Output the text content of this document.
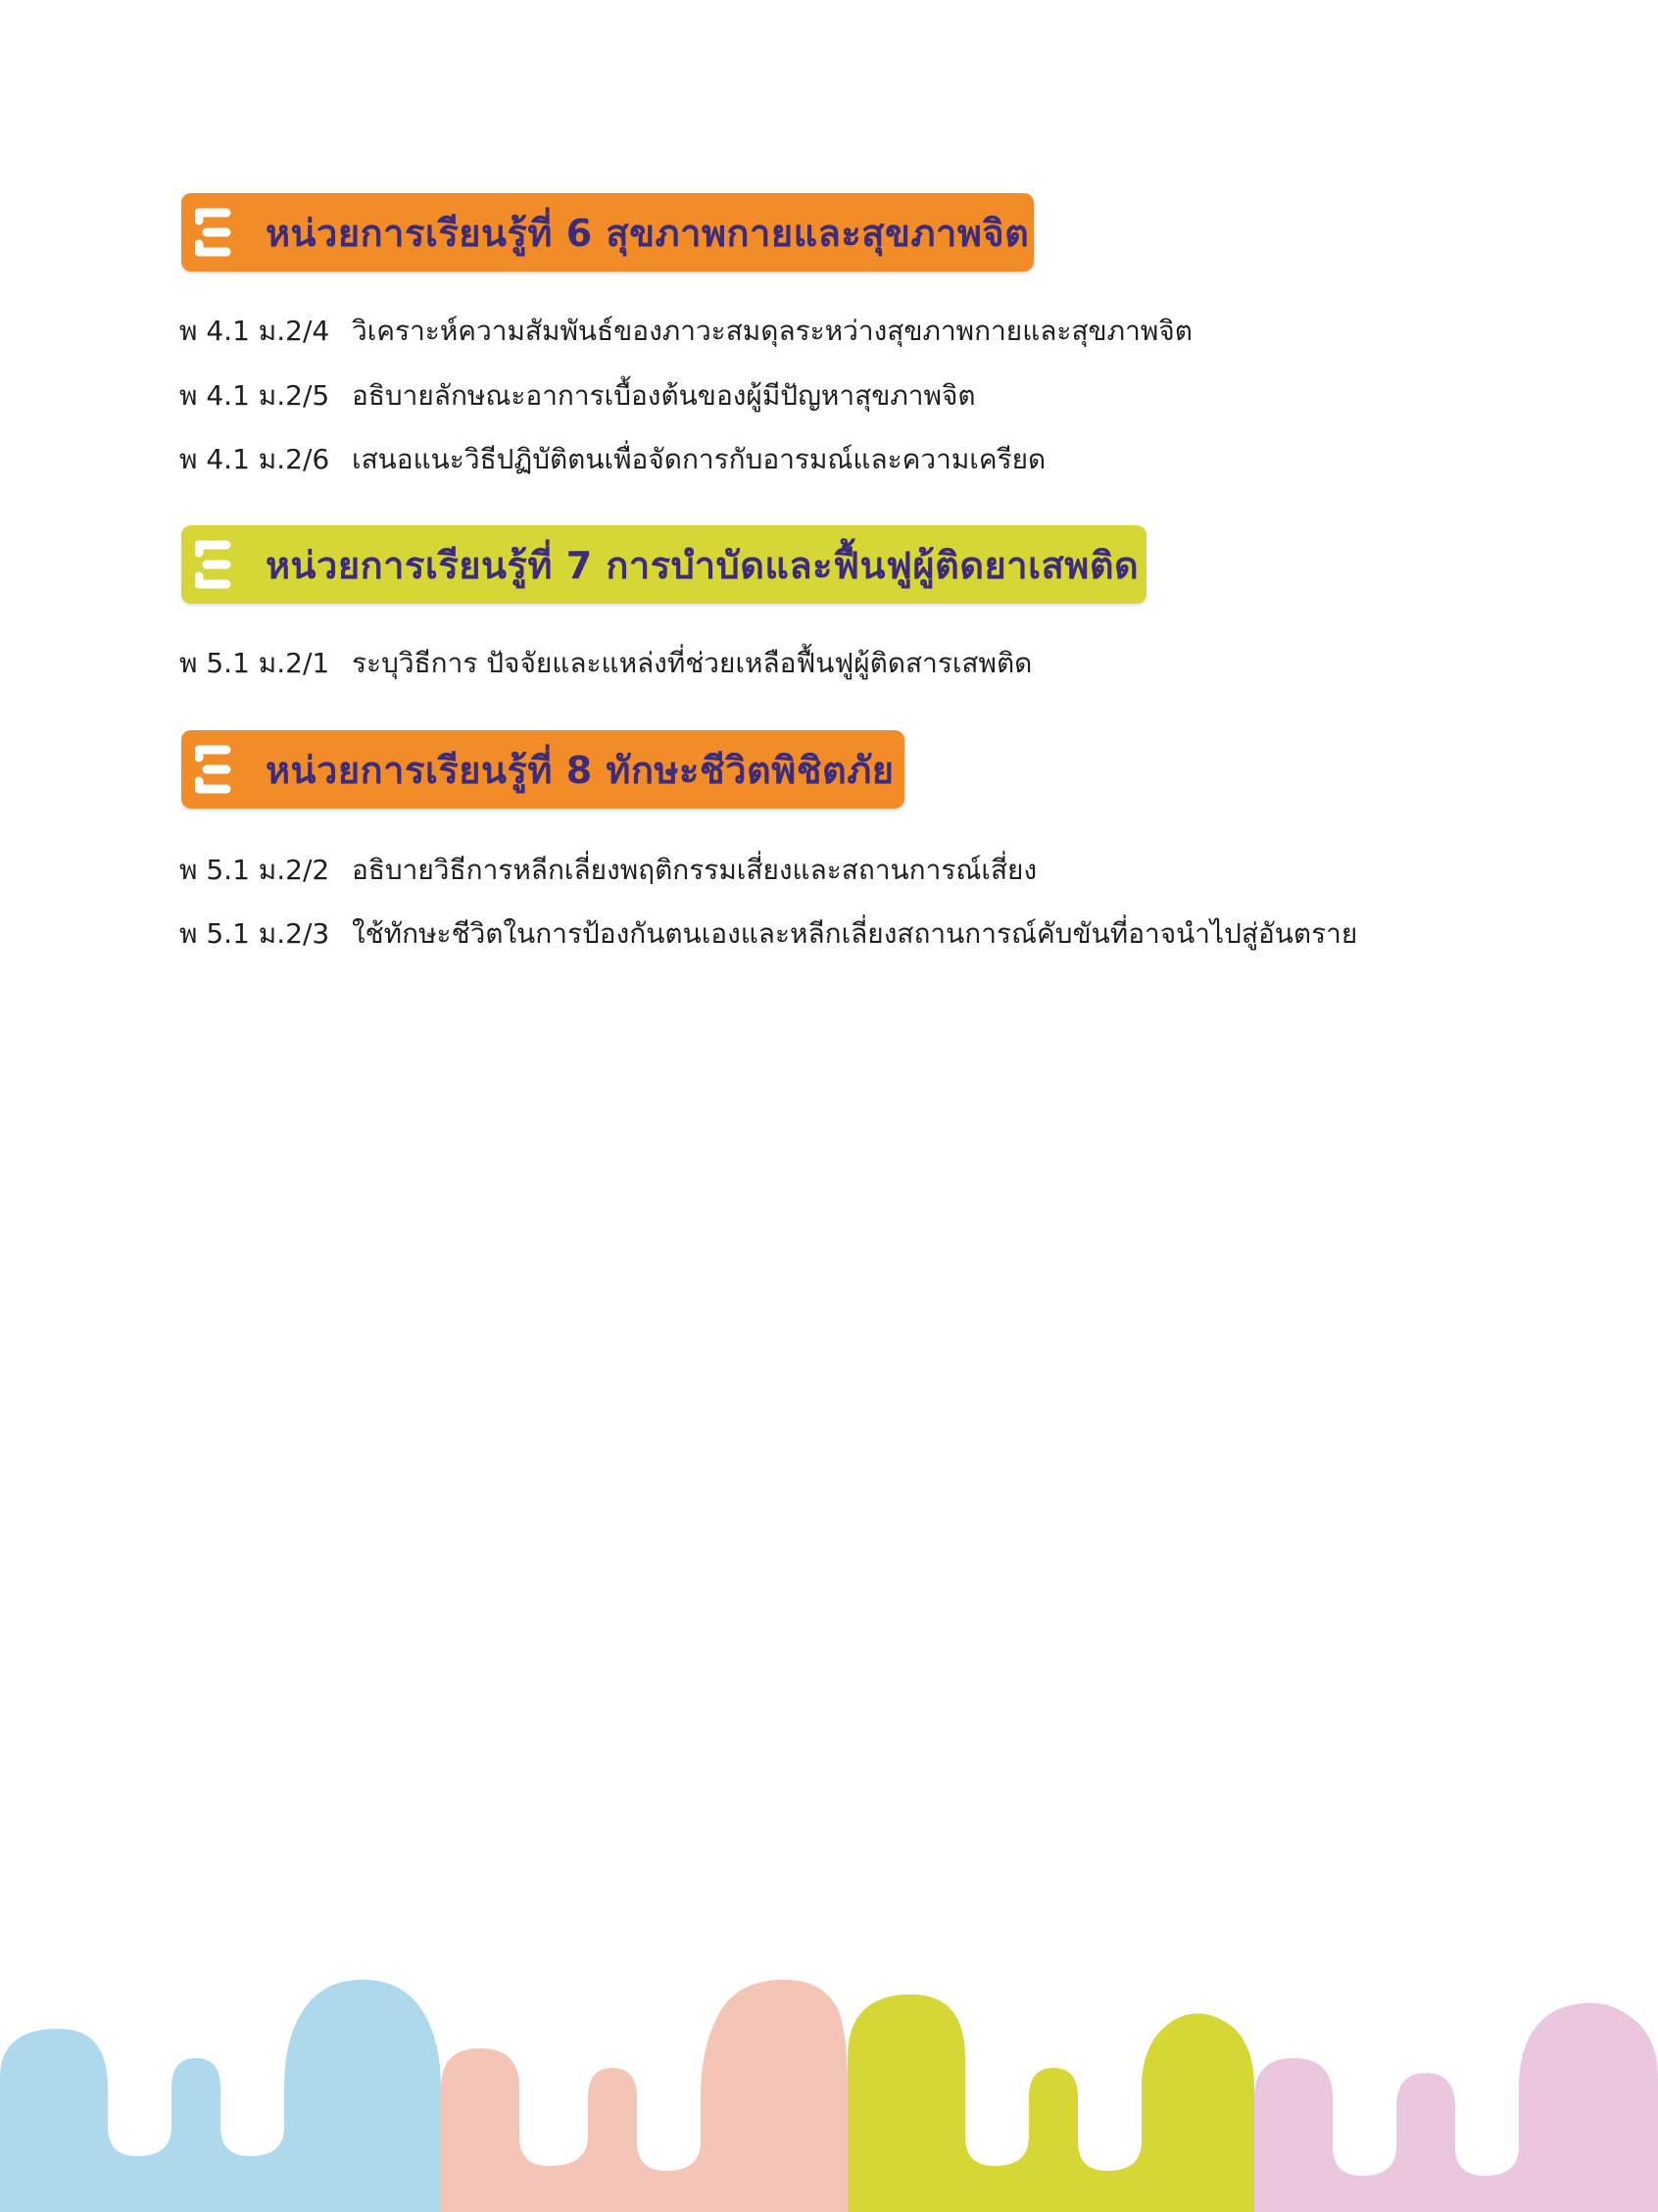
หน่วยการเรียนรู้ที่ 6 สุขภาพกายและสุขภาพจิต
พ 4.1 ม.2/4 วิเคราะห์ความสัมพันธ์ของภาวะสมดุลระหว่างสุขภาพกายและสุขภาพจิต
พ 4.1 ม.2/5 อธิบายลักษณะอาการเบื้องต้นของผู้มีปัญหาสุขภาพจิต
พ 4.1 ม.2/6 เสนอแนะวิธีปฏิบัติตนเพื่อจัดการกับอารมณ์และความเครียด
หน่วยการเรียนรู้ที่ 7 การบำบัดและฟื้นฟูผู้ติดยาเสพติด
พ 5.1 ม.2/1 ระบุวิธีการ ปัจจัยและแหล่งที่ช่วยเหลือฟื้นฟูผู้ติดสารเสพติด
หน่วยการเรียนรู้ที่ 8 ทักษะชีวิตพิชิตภัย
พ 5.1 ม.2/2 อธิบายวิธีการหลีกเลี่ยงพฤติกรรมเสี่ยงและสถานการณ์เสี่ยง
พ 5.1 ม.2/3 ใช้ทักษะชีวิตในการป้องกันตนเองและหลีกเลี่ยงสถานการณ์คับขันที่อาจนำไปสู่อันตราย
